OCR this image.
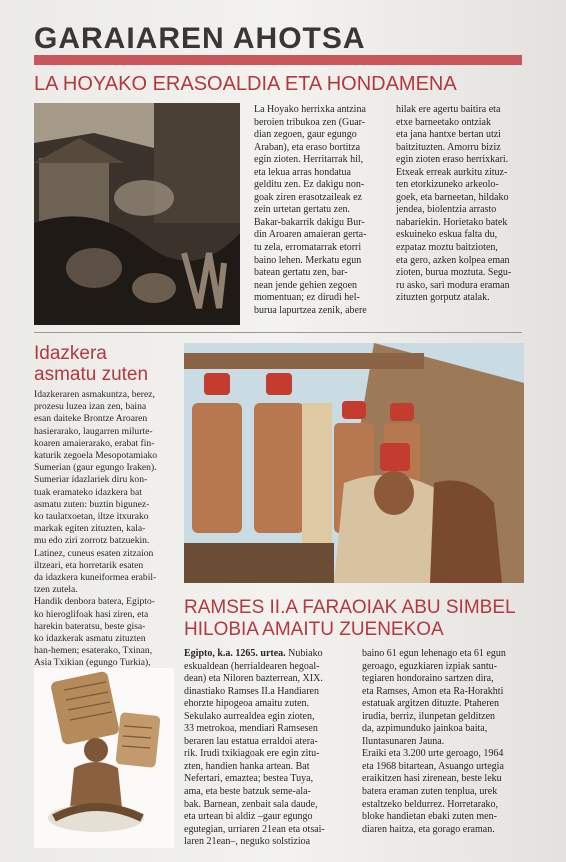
GARAIAREN AHOTSA
LA HOYAKO ERASOALDIA ETA HONDAMENA

La Hoyako herrixka antzina

beroien tribukoa zen (Guar-

dian zegoen, gaur egungo

Araban), eta eraso bortitza

egin zioten. Herritarrak hil,

eta lekua arras hondatua

gelditu zen. Ez dakigu non-

goak ziren erasotzaileak ez

zein urtetan gertatu zen.

Bakar-bakarrik dakigu Bur-

din Aroaren amaieran gerta-

tu zela, erromatarrak etorri

baino lehen. Merkatu egun

batean gertatu zen, bar-

nean jende gehien zegoen

momentuan; ez dirudi hel-

burua lapurtzea zenik, abere

hilak ere agertu baitira eta

etxe barneetako ontziak

eta jana hantxe bertan utzi

baitzituzten. Amorru biziz

egin zioten eraso herrixkari.

Etxeak erreak aurkitu zituz-

ten etorkizuneko arkeolo-

goek, eta barneetan, hildako

jendea, biolentzia arrasto

nabariekin. Horietako batek

eskuineko eskua falta du,

ezpataz moztu baitzioten,

eta gero, azken kolpea eman

zioten, burua moztuta. Segu-

ru asko, sari modura eraman

zituzten gorputz atalak.

Idazkera
asmatu zuten

Idazkeraren asmakuntza, berez,

prozesu luzea izan zen, baina

esan daiteke Brontze Aroaren

hasierarako, laugarren milurte-

koaren amaierarako, erabat fin-

katurik zegoela Mesopotamiako

Sumerian (gaur egungo Iraken).

Sumeriar idazlariek diru kon-

tuak eramateko idazkera bat

asmatu zuten: buztin bigunez-

ko taulatxoetan, iltze itxurako

markak egiten zituzten, kala-

mu edo ziri zorrotz batzuekin.

Latinez, cuneus esaten zitzaion

iltzeari, eta horretarik esaten

da idazkera kuneiformea erabil-

tzen zutela.

Handik denbora batera, Egipto-

ko hieroglifoak hasi ziren, eta

harekin bateratsu, beste gisa-

ko idazkerak asmatu zituzten

han-hemen; esaterako, Txinan,

Asia Txikian (egungo Turkia),

RAMSES II.A FARAOIAK ABU SIMBEL
HILOBIA AMAITU ZUENEKOA

Egipto, k.a. 1265. urtea. Nubiako

eskualdean (herrialdearen hegoal-

dean) eta Niloren bazterrean, XIX.

dinastiako Ramses II.a Handiaren

ehorzte hipogeoa amaitu zuten.

Sekulako aurrealdea egin zioten,

33 metrokoa, mendiari Ramsesen

beraren lau estatua erraldoi atera-

rik. Irudi txikiagoak ere egin zitu-

zten, handien hanka artean. Bat

Nefertari, emaztea; bestea Tuya,

ama, eta beste batzuk seme-ala-

bak. Barnean, zenbait sala daude,

eta urtean bi aldiz –gaur egungo

egutegian, urriaren 21ean eta otsai-

laren 21ean–, neguko solstizioa

baino 61 egun lehenago eta 61 egun

geroago, eguzkiaren izpiak santu-

tegiaren hondoraino sartzen dira,

eta Ramses, Amon eta Ra-Horakhti

estatuak argitzen dituzte. Ptaheren

irudia, berriz, ilunpetan gelditzen

da, azpimunduko jainkoa baita,

Iluntasunaren Jauna.

Eraiki eta 3.200 urte geroago, 1964

eta 1968 bitartean, Asuango urtegia

eraikitzen hasi zirenean, beste leku

batera eraman zuten tenplua, urek

estaltzeko beldurrez. Horretarako,

bloke handietan ebaki zuten men-

diaren haitza, eta gorago eraman.
